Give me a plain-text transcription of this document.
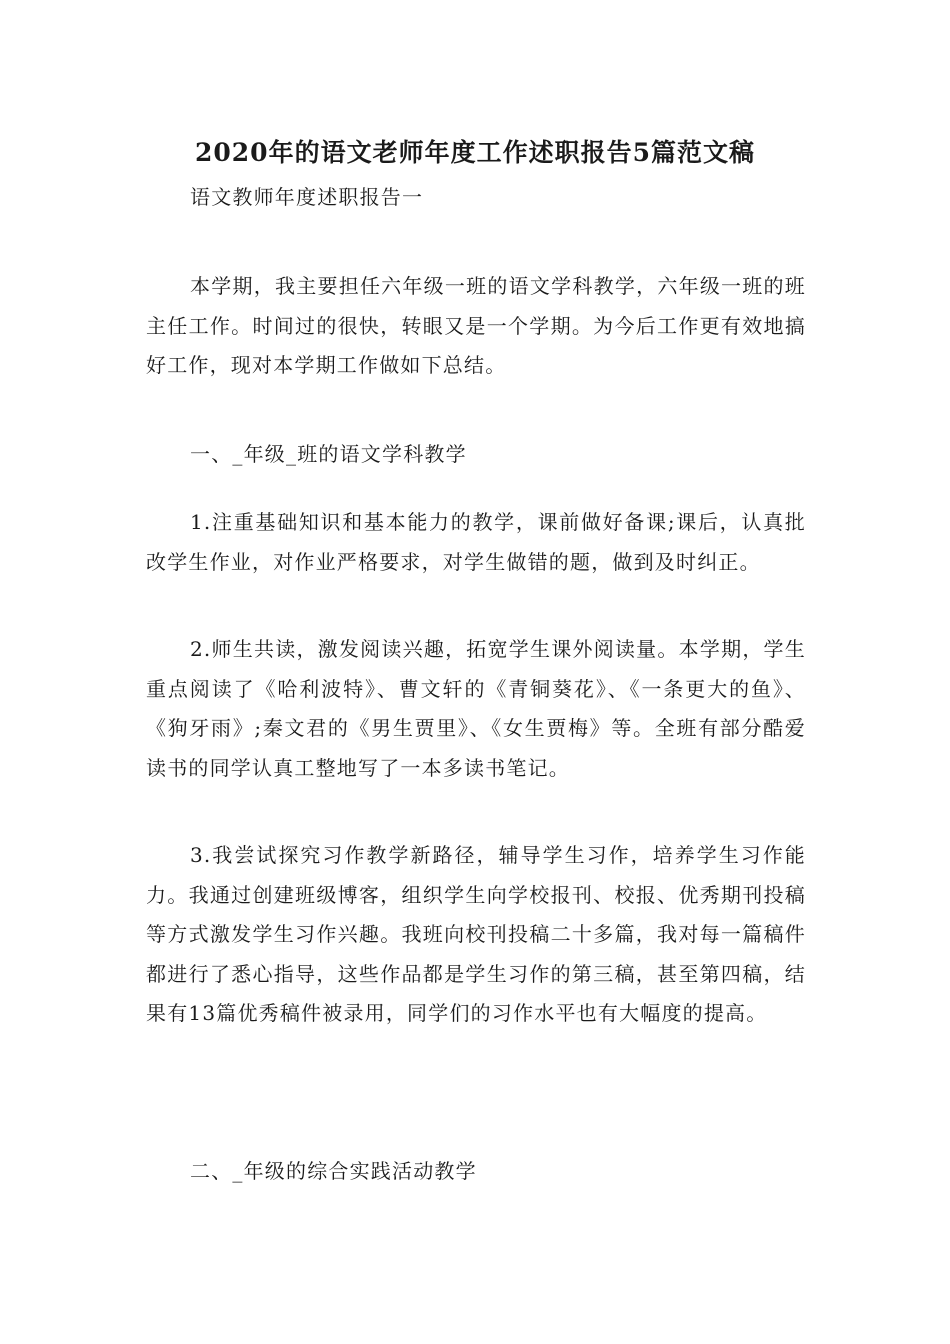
2020年的语文老师年度工作述职报告5篇范文稿

语文教师年度述职报告一

本学期，我主要担任六年级一班的语文学科教学，六年级一班的班主任工作。时间过的很快，转眼又是一个学期。为今后工作更有效地搞好工作，现对本学期工作做如下总结。

一、_年级_班的语文学科教学

1.注重基础知识和基本能力的教学，课前做好备课;课后，认真批改学生作业，对作业严格要求，对学生做错的题，做到及时纠正。

2.师生共读，激发阅读兴趣，拓宽学生课外阅读量。本学期，学生重点阅读了《哈利波特》、曹文轩的《青铜葵花》、《一条更大的鱼》、《狗牙雨》;秦文君的《男生贾里》、《女生贾梅》等。全班有部分酷爱读书的同学认真工整地写了一本多读书笔记。

3.我尝试探究习作教学新路径，辅导学生习作，培养学生习作能力。我通过创建班级博客，组织学生向学校报刊、校报、优秀期刊投稿等方式激发学生习作兴趣。我班向校刊投稿二十多篇，我对每一篇稿件都进行了悉心指导，这些作品都是学生习作的第三稿，甚至第四稿，结果有13篇优秀稿件被录用，同学们的习作水平也有大幅度的提高。

二、_年级的综合实践活动教学
